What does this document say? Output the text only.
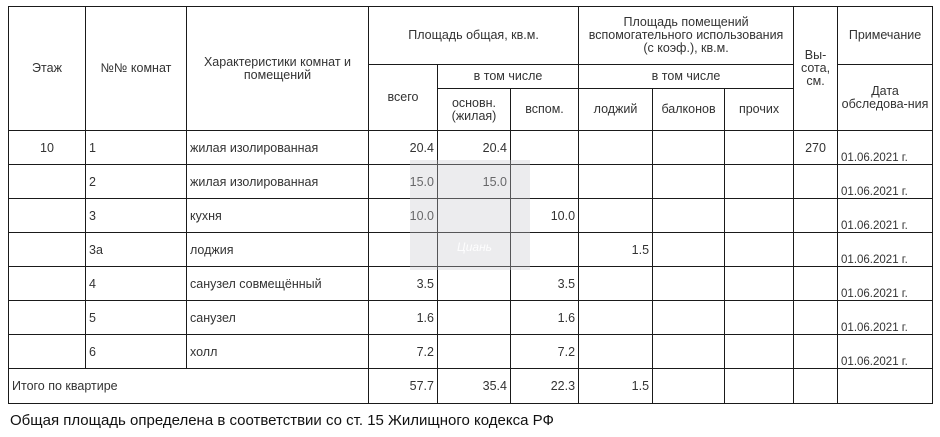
Этаж	№№ комнат	Характеристики комнат и помещений	Площадь общая, кв.м.			Площадь помещений вспомогательного использования (с коэф.), кв.м.			Вы-сота, см.	Примечание
			всего	в том числе		в том числе				Дата обследова-ния
				основн. (жилая)	вспом.	лоджий	балконов	прочих		
10	1	жилая изолированная	20.4	20.4					270	01.06.2021 г.
	2	жилая изолированная	15.0	15.0						01.06.2021 г.
	3	кухня	10.0		10.0					01.06.2021 г.
	3а	лоджия				1.5				01.06.2021 г.
	4	санузел совмещённый	3.5		3.5					01.06.2021 г.
	5	санузел	1.6		1.6					01.06.2021 г.
	6	холл	7.2		7.2					01.06.2021 г.
Итого по квартире			57.7	35.4	22.3	1.5				
Циань
Общая площадь определена в соответствии со ст. 15 Жилищного кодекса РФ
